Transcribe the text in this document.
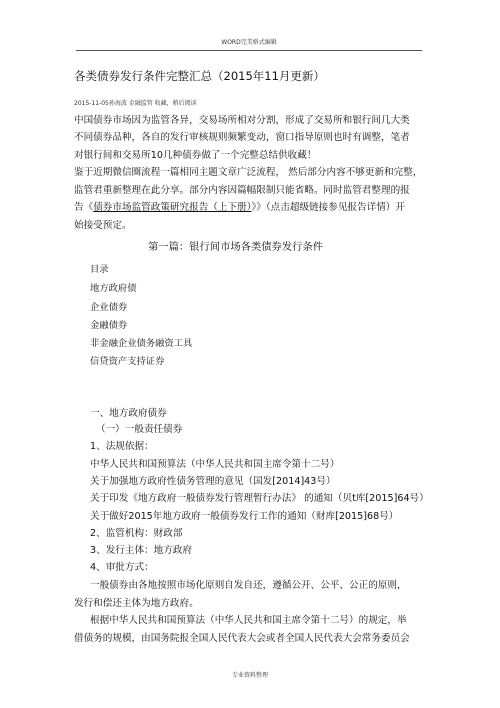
WORD完美格式编辑
各类债券发行条件完整汇总（2015年11月更新）
2015-11-05孙海波 金融监管 收藏，稍后阅读
中国债券市场因为监管各异，交易场所相对分割，形成了交易所和银行间几大类
不同债券品种，各自的发行审核规则频繁变动，窗口指导原则也时有调整，笔者
对银行间和交易所10几种债券做了一个完整总结供收藏！
鉴于近期微信圈流程一篇相同主题文章广泛流程， 然后部分内容不够更新和完整，
监管君重新整理在此分享。部分内容因篇幅限制只能省略。同时监管君整理的报
告《债券市场监管政策研究报告（上下册）》》（点击超级链接参见报告详情）开
始接受预定。
第一篇：银行间市场各类债券发行条件
目录
地方政府债
企业债券
金融债券
非金融企业债务融资工具
信贷资产支持证券
一、地方政府债券
（一）一般责任债券
1、法规依据：
中华人民共和国预算法（中华人民共和国主席令第十二号）
关于加强地方政府性债务管理的意见（国发[2014]43号）
关于印发《地方政府一般债券发行管理暂行办法》 的通知（贝t库[2015]64号）
关于做好2015年地方政府一般债券发行工作的通知（财库[2015]68号）
2、监管机构：财政部
3、发行主体：地方政府
4、审批方式：
一般债券由各地按照市场化原则自发自还，遵循公开、公平、公正的原则，
发行和偿还主体为地方政府。
根据中华人民共和国预算法（中华人民共和国主席令第十二号）的规定，举
借债务的规模，由国务院报全国人民代表大会或者全国人民代表大会常务委员会
专业资料整理
